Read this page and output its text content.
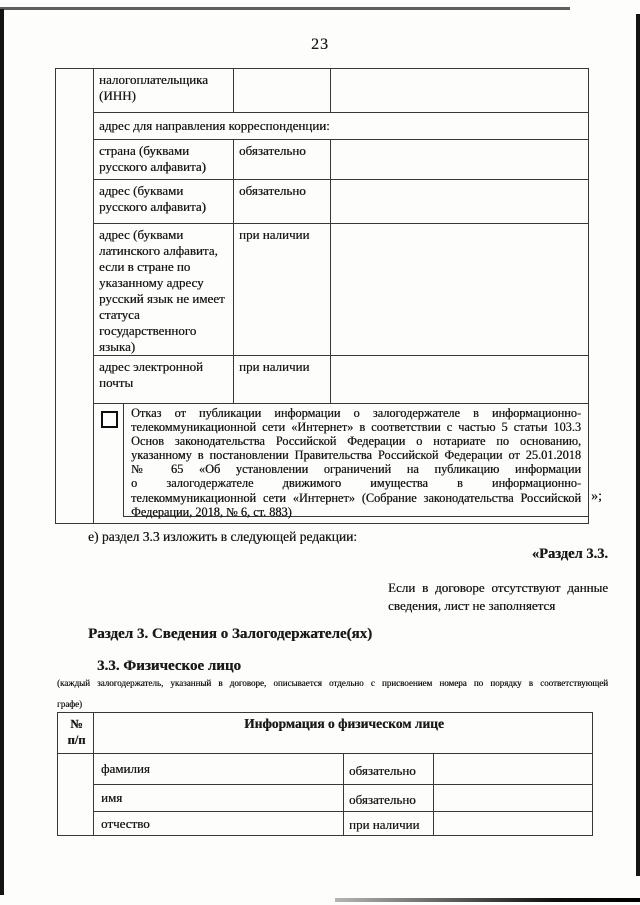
23
	налогоплательщика (ИНН)		
	адрес для направления корреспонденции:		
	страна (буквами русского алфавита)	обязательно	
	адрес (буквами русского алфавита)	обязательно	
	адрес (буквами латинского алфавита, если в стране по указанному адресу русский язык не имеет статуса государственного языка)	при наличии	
	адрес электронной почты	при наличии	

Отказ от публикации информации о залогодержателе в информационно-
телекоммуникационной сети «Интернет» в соответствии с частью 5 статьи 103.3
Основ законодательства Российской Федерации о нотариате по основанию,
указанному в постановлении Правительства Российской Федерации от 25.01.2018
№ 65 «Об установлении ограничений на публикацию информации
о залогодержателе движимого имущества в информационно-
телекоммуникационной сети «Интернет» (Собрание законодательства Российской
Федерации, 2018, № 6, ст. 883)
»;
е) раздел 3.3 изложить в следующей редакции:
«Раздел 3.3.
Если в договоре отсутствуют данные сведения, лист не заполняется
Раздел 3. Сведения о Залогодержателе(ях)
3.3. Физическое лицо
(каждый залогодержатель, указанный в договоре, описывается отдельно с присвоением номера по порядку в соответствующей
графе)
№
п/п	Информация о физическом лице		
	фамилия	обязательно	
	имя	обязательно	
	отчество	при наличии	
